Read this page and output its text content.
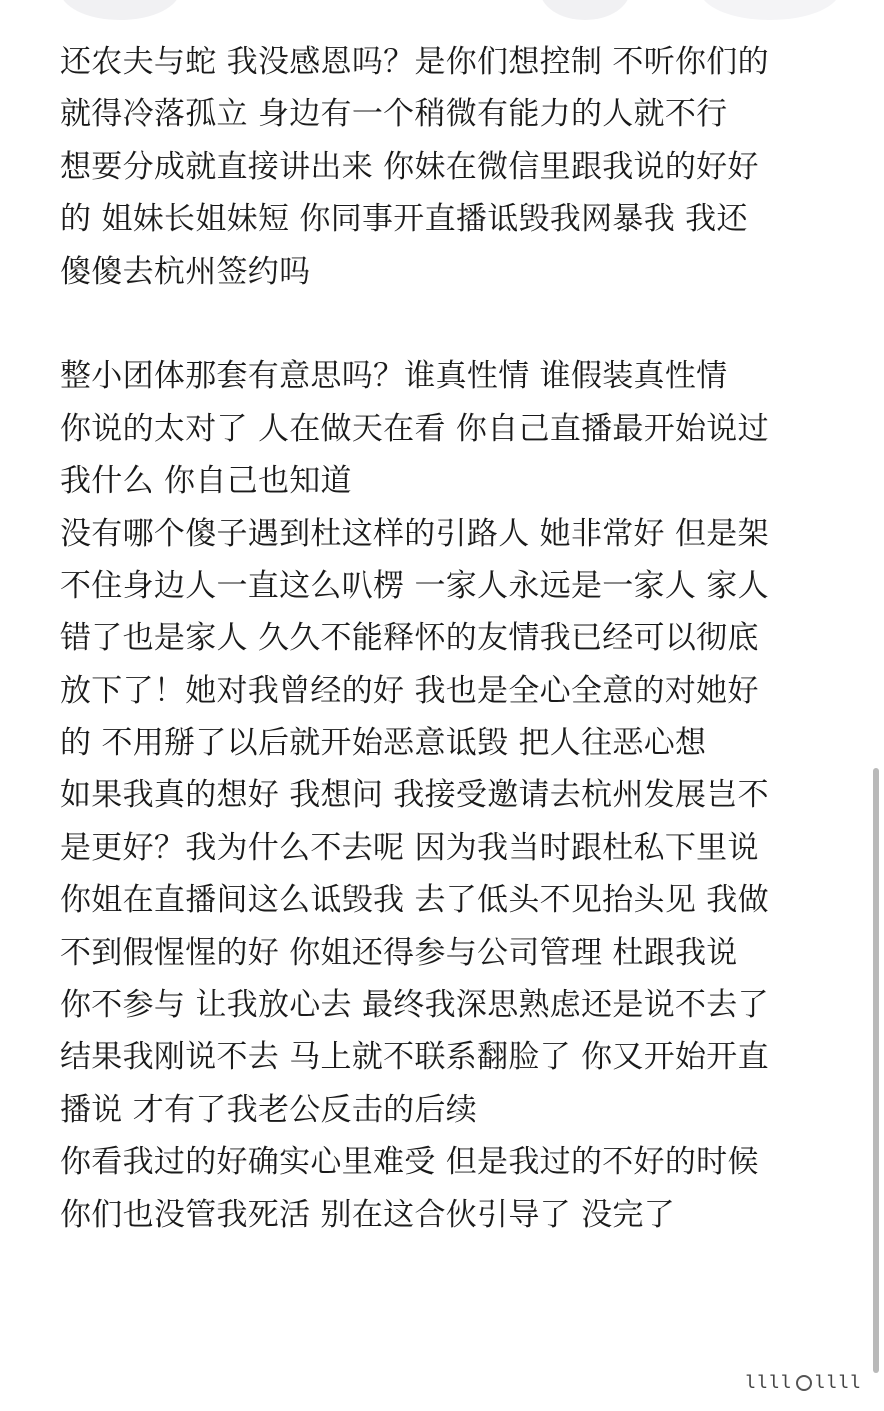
还农夫与蛇 我没感恩吗？是你们想控制 不听你们的
就得冷落孤立 身边有一个稍微有能力的人就不行
想要分成就直接讲出来 你妹在微信里跟我说的好好
的 姐妹长姐妹短 你同事开直播诋毁我网暴我 我还
傻傻去杭州签约吗
整小团体那套有意思吗？谁真性情 谁假装真性情
你说的太对了 人在做天在看 你自己直播最开始说过
我什么 你自己也知道
没有哪个傻子遇到杜这样的引路人 她非常好 但是架
不住身边人一直这么叭楞 一家人永远是一家人 家人
错了也是家人 久久不能释怀的友情我已经可以彻底
放下了！她对我曾经的好 我也是全心全意的对她好
的 不用掰了以后就开始恶意诋毁 把人往恶心想
如果我真的想好 我想问 我接受邀请去杭州发展岂不
是更好？我为什么不去呢 因为我当时跟杜私下里说
你姐在直播间这么诋毁我 去了低头不见抬头见 我做
不到假惺惺的好 你姐还得参与公司管理 杜跟我说
你不参与 让我放心去 最终我深思熟虑还是说不去了
结果我刚说不去 马上就不联系翻脸了 你又开始开直
播说 才有了我老公反击的后续
你看我过的好确实心里难受 但是我过的不好的时候
你们也没管我死活 别在这合伙引导了 没完了
llll llll
